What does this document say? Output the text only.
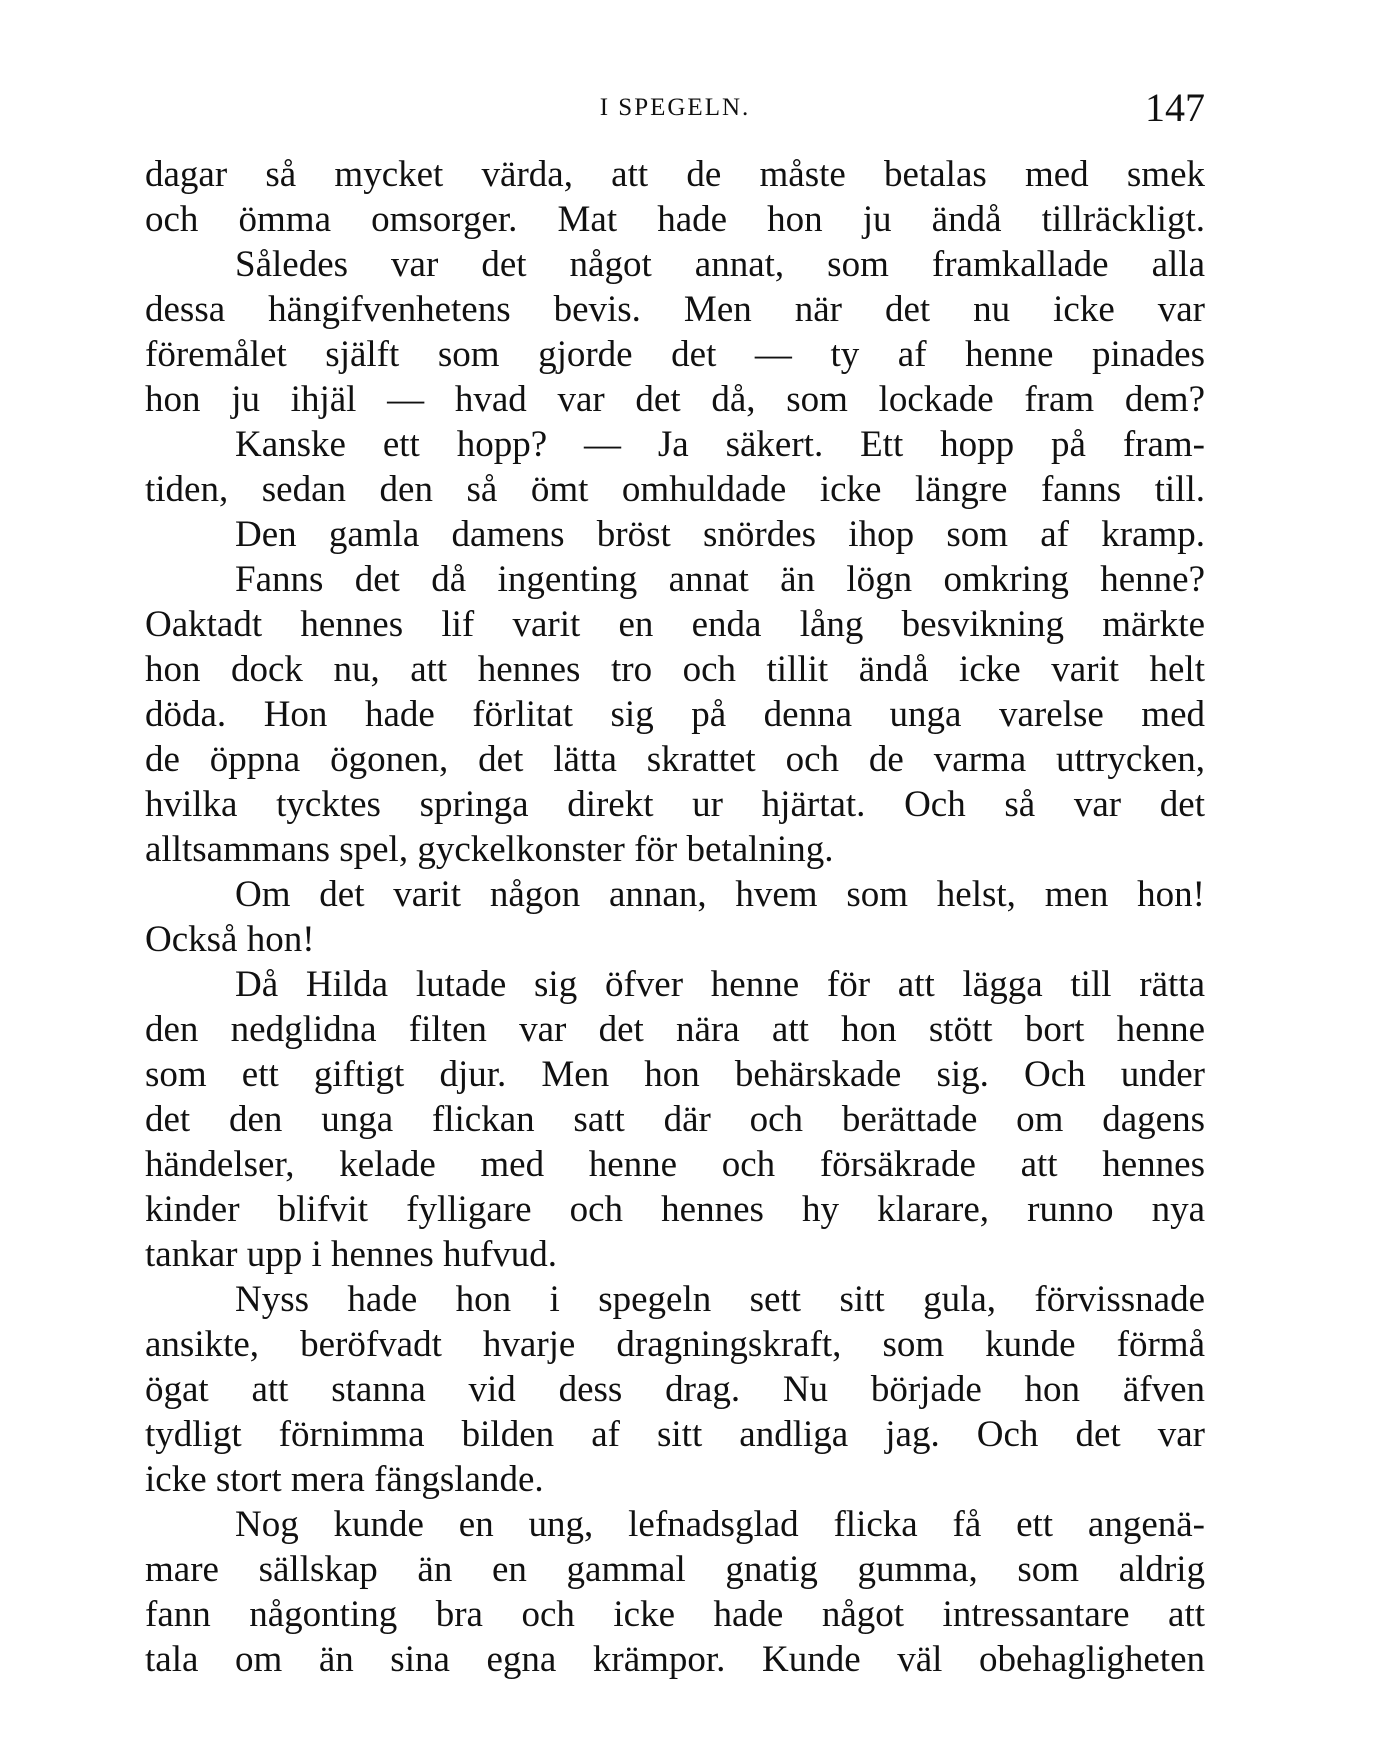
I SPEGELN.	147
dagar så mycket värda, att de måste betalas med smek
och ömma omsorger. Mat hade hon ju ändå tillräckligt.
Således var det något annat, som framkallade alla
dessa hängifvenhetens bevis. Men när det nu icke var
föremålet själft som gjorde det — ty af henne pinades
hon ju ihjäl — hvad var det då, som lockade fram dem?
Kanske ett hopp? — Ja säkert. Ett hopp på fram-
tiden, sedan den så ömt omhuldade icke längre fanns till.
Den gamla damens bröst snördes ihop som af kramp.
Fanns det då ingenting annat än lögn omkring henne?
Oaktadt hennes lif varit en enda lång besvikning märkte
hon dock nu, att hennes tro och tillit ändå icke varit helt
döda. Hon hade förlitat sig på denna unga varelse med
de öppna ögonen, det lätta skrattet och de varma uttrycken,
hvilka tycktes springa direkt ur hjärtat. Och så var det
alltsammans spel, gyckelkonster för betalning.
Om det varit någon annan, hvem som helst, men hon!
Också hon!
Då Hilda lutade sig öfver henne för att lägga till rätta
den nedglidna filten var det nära att hon stött bort henne
som ett giftigt djur. Men hon behärskade sig. Och under
det den unga flickan satt där och berättade om dagens
händelser, kelade med henne och försäkrade att hennes
kinder blifvit fylligare och hennes hy klarare, runno nya
tankar upp i hennes hufvud.
Nyss hade hon i spegeln sett sitt gula, förvissnade
ansikte, beröfvadt hvarje dragningskraft, som kunde förmå
ögat att stanna vid dess drag. Nu började hon äfven
tydligt förnimma bilden af sitt andliga jag. Och det var
icke stort mera fängslande.
Nog kunde en ung, lefnadsglad flicka få ett angenä-
mare sällskap än en gammal gnatig gumma, som aldrig
fann någonting bra och icke hade något intressantare att
tala om än sina egna krämpor. Kunde väl obehagligheten
